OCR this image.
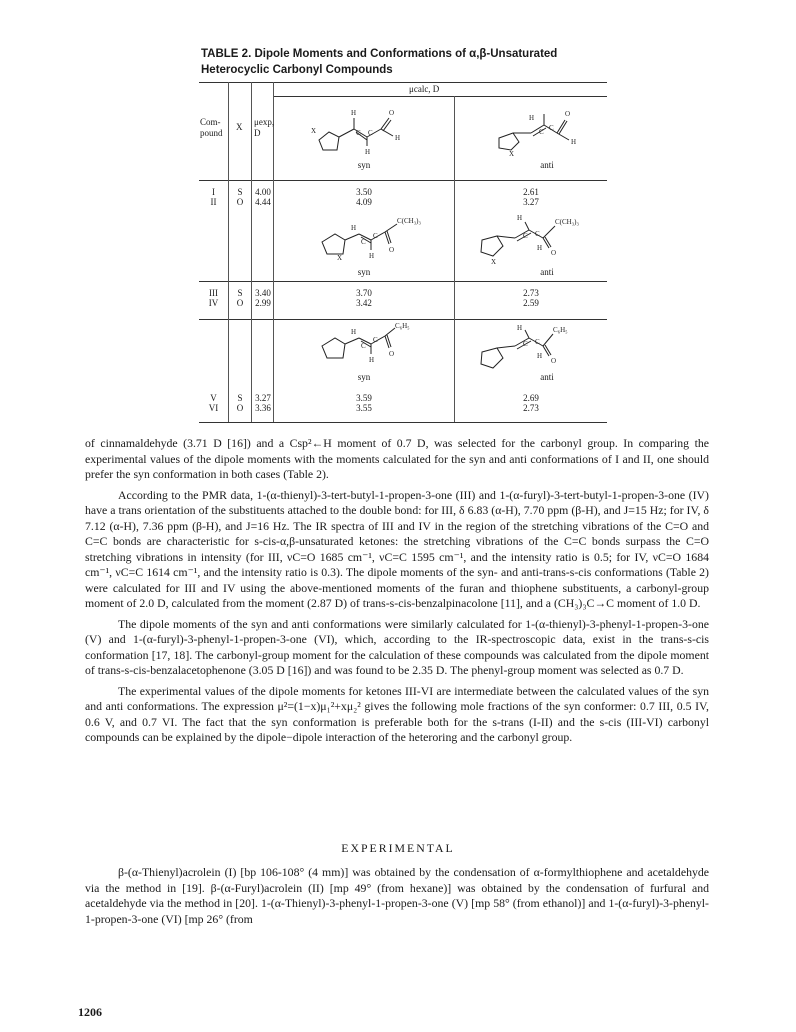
TABLE 2. Dipole Moments and Conformations of α,β-Unsaturated Heterocyclic Carbonyl Compounds
μcalc, D
Com-pound
X μexp, D	X
H
C C
O
H
H
syn
X
H
C C
O
H
anti
I
II
S
O
4.00
4.44
3.50
4.09
2.61
3.27
X
H
C
C
C(CH₃)₃
O
H
syn
X
H
C C
C(CH₃)₃
O
H
anti
III
IV
S
O
3.40
2.99
3.70
3.42
2.73
2.59
H
C
C
C₆H₅
O
H
syn
H
C C
C₆H₅
O
H
anti
V
VI
S
O
3.27
3.36
3.59
3.55
2.69
2.73

of cinnamaldehyde (3.71 D [16]) and a Csp²←H moment of 0.7 D, was selected for the carbonyl group. In comparing the experimental values of the dipole moments with the moments calculated for the syn and anti conformations of I and II, one should prefer the syn conformation in both cases (Table 2).

According to the PMR data, 1-(α-thienyl)-3-tert-butyl-1-propen-3-one (III) and 1-(α-furyl)-3-tert-butyl-1-propen-3-one (IV) have a trans orientation of the substituents attached to the double bond: for III, δ 6.83 (α-H), 7.70 ppm (β-H), and J=15 Hz; for IV, δ 7.12 (α-H), 7.36 ppm (β-H), and J=16 Hz. The IR spectra of III and IV in the region of the stretching vibrations of the C=O and C=C bonds are characteristic for s-cis-α,β-unsaturated ketones: the stretching vibrations of the C=C bonds surpass the C=O stretching vibrations in intensity (for III, νC=O 1685 cm⁻¹, νC=C 1595 cm⁻¹, and the intensity ratio is 0.5; for IV, νC=O 1684 cm⁻¹, νC=C 1614 cm⁻¹, and the intensity ratio is 0.3). The dipole moments of the syn- and anti-trans-s-cis conformations (Table 2) were calculated for III and IV using the above-mentioned moments of the furan and thiophene substituents, a carbonyl-group moment of 2.0 D, calculated from the moment (2.87 D) of trans-s-cis-benzalpinacolone [11], and a (CH₃)₃C→C moment of 1.0 D.

The dipole moments of the syn and anti conformations were similarly calculated for 1-(α-thienyl)-3-phenyl-1-propen-3-one (V) and 1-(α-furyl)-3-phenyl-1-propen-3-one (VI), which, according to the IR-spectroscopic data, exist in the trans-s-cis conformation [17, 18]. The carbonyl-group moment for the calculation of these compounds was calculated from the dipole moment of trans-s-cis-benzalacetophenone (3.05 D [16]) and was found to be 2.35 D. The phenyl-group moment was selected as 0.7 D.

The experimental values of the dipole moments for ketones III-VI are intermediate between the calculated values of the syn and anti conformations. The expression μ²=(1−x)μ₁²+xμ₂² gives the following mole fractions of the syn conformer: 0.7 III, 0.5 IV, 0.6 V, and 0.7 VI. The fact that the syn conformation is preferable both for the s-trans (I-II) and the s-cis (III-VI) carbonyl compounds can be explained by the dipole−dipole interaction of the heteroring and the carbonyl group.

EXPERIMENTAL

β-(α-Thienyl)acrolein (I) [bp 106-108° (4 mm)] was obtained by the condensation of α-formylthiophene and acetaldehyde via the method in [19]. β-(α-Furyl)acrolein (II) [mp 49° (from hexane)] was obtained by the condensation of furfural and acetaldehyde via the method in [20]. 1-(α-Thienyl)-3-phenyl-1-propen-3-one (V) [mp 58° (from ethanol)] and 1-(α-furyl)-3-phenyl-1-propen-3-one (VI) [mp 26° (from

1206
